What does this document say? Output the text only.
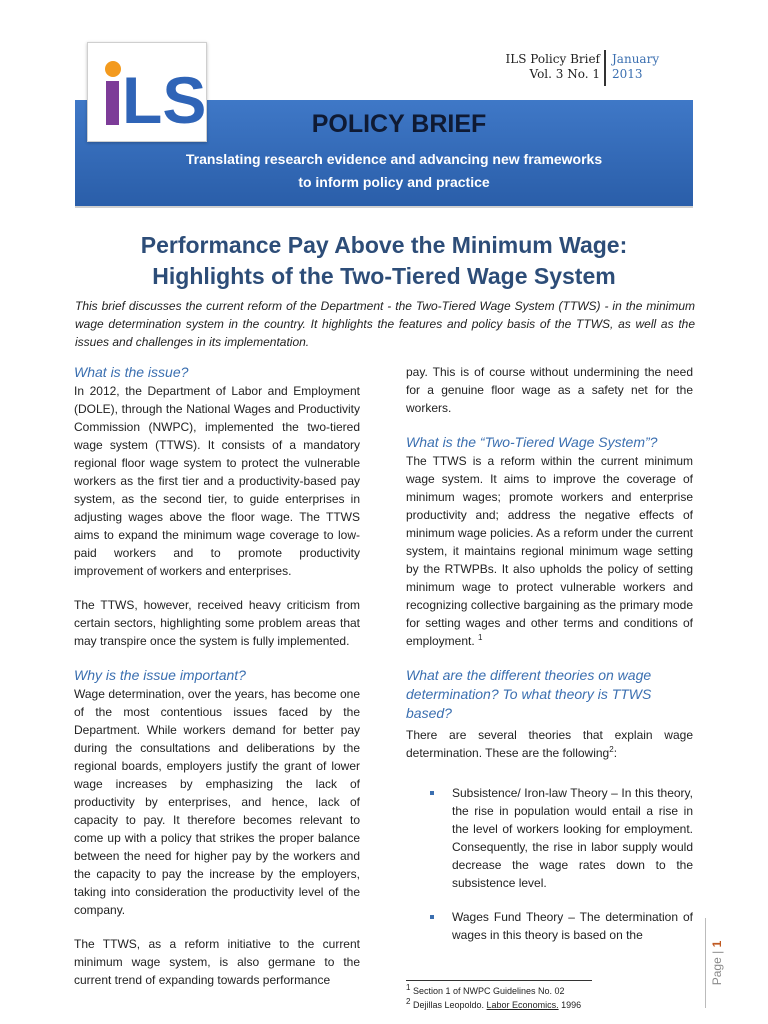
LS
ILS Policy Brief
Vol. 3 No. 1
January
2013
POLICY BRIEF
Translating research evidence and advancing new frameworks
to inform policy and practice
Performance Pay Above the Minimum Wage:
Highlights of the Two-Tiered Wage System

This brief discusses the current reform of the Department - the Two-Tiered Wage System (TTWS) - in the minimum wage determination system in the country. It highlights the features and policy basis of the TTWS, as well as the issues and challenges in its implementation.

What is the issue?

In 2012, the Department of Labor and Employment (DOLE), through the National Wages and Productivity Commission (NWPC), implemented the two-tiered wage system (TTWS). It consists of a mandatory regional floor wage system to protect the vulnerable workers as the first tier and a productivity-based pay system, as the second tier, to guide enterprises in adjusting wages above the floor wage. The TTWS aims to expand the minimum wage coverage to low-paid workers and to promote productivity improvement of workers and enterprises.

The TTWS, however, received heavy criticism from certain sectors, highlighting some problem areas that may transpire once the system is fully implemented.

Why is the issue important?

Wage determination, over the years, has become one of the most contentious issues faced by the Department. While workers demand for better pay during the consultations and deliberations by the regional boards, employers justify the grant of lower wage increases by emphasizing the lack of productivity by enterprises, and hence, lack of capacity to pay. It therefore becomes relevant to come up with a policy that strikes the proper balance between the need for higher pay by the workers and the capacity to pay the increase by the employers, taking into consideration the productivity level of the company.

The TTWS, as a reform initiative to the current minimum wage system, is also germane to the current trend of expanding towards performance

pay. This is of course without undermining the need for a genuine floor wage as a safety net for the workers.

What is the “Two-Tiered Wage System”?

The TTWS is a reform within the current minimum wage system. It aims to improve the coverage of minimum wages; promote workers and enterprise productivity and; address the negative effects of minimum wage policies. As a reform under the current system, it maintains regional minimum wage setting by the RTWPBs. It also upholds the policy of setting minimum wage to protect vulnerable workers and recognizing collective bargaining as the primary mode for setting wages and other terms and conditions of employment. $^1$

What are the different theories on wage determination? To what theory is TTWS based?

There are several theories that explain wage determination. These are the following$^2$:

Subsistence/ Iron-law Theory – In this theory, the rise in population would entail a rise in the level of workers looking for employment. Consequently, the rise in labor supply would decrease the wage rates down to the subsistence level.
Wages Fund Theory – The determination of wages in this theory is based on the
$^1$ Section 1 of NWPC Guidelines No. 02
$^2$ Dejillas Leopoldo. Labor Economics. 1996
Page | 1
